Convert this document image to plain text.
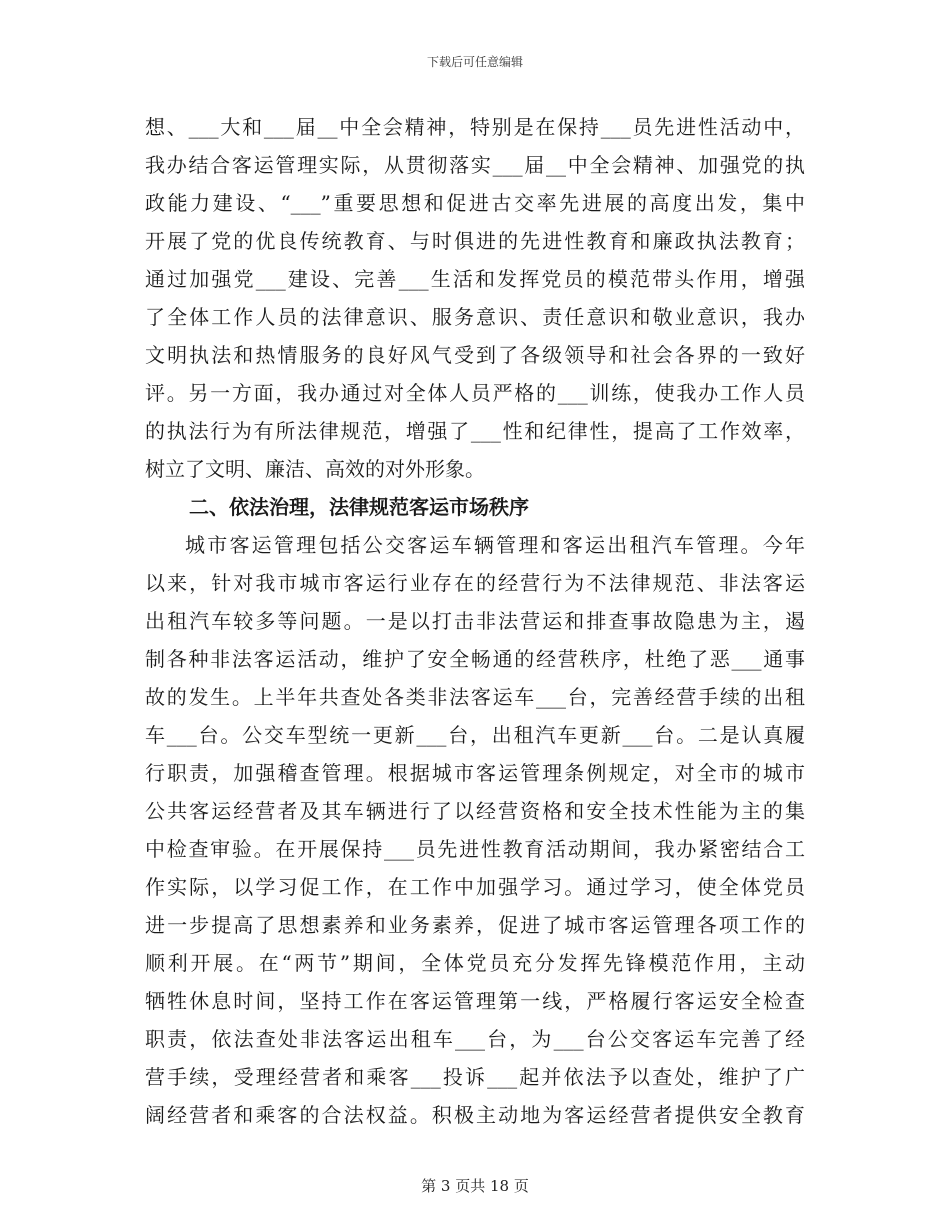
下载后可任意编辑
想、___大和___届__中全会精神，特别是在保持___员先进性活动中，
我办结合客运管理实际，从贯彻落实___届__中全会精神、加强党的执
政能力建设、“___”重要思想和促进古交率先进展的高度出发，集中
开展了党的优良传统教育、与时俱进的先进性教育和廉政执法教育；
通过加强党___建设、完善___生活和发挥党员的模范带头作用，增强
了全体工作人员的法律意识、服务意识、责任意识和敬业意识，我办
文明执法和热情服务的良好风气受到了各级领导和社会各界的一致好
评。另一方面，我办通过对全体人员严格的___训练，使我办工作人员
的执法行为有所法律规范，增强了___性和纪律性，提高了工作效率，
树立了文明、廉洁、高效的对外形象。
二、依法治理，法律规范客运市场秩序
城市客运管理包括公交客运车辆管理和客运出租汽车管理。今年
以来，针对我市城市客运行业存在的经营行为不法律规范、非法客运
出租汽车较多等问题。一是以打击非法营运和排查事故隐患为主，遏
制各种非法客运活动，维护了安全畅通的经营秩序，杜绝了恶___通事
故的发生。上半年共查处各类非法客运车___台，完善经营手续的出租
车___台。公交车型统一更新___台，出租汽车更新___台。二是认真履
行职责，加强稽查管理。根据城市客运管理条例规定，对全市的城市
公共客运经营者及其车辆进行了以经营资格和安全技术性能为主的集
中检查审验。在开展保持___员先进性教育活动期间，我办紧密结合工
作实际，以学习促工作，在工作中加强学习。通过学习，使全体党员
进一步提高了思想素养和业务素养，促进了城市客运管理各项工作的
顺利开展。在“两节”期间，全体党员充分发挥先锋模范作用，主动
牺牲休息时间，坚持工作在客运管理第一线，严格履行客运安全检查
职责，依法查处非法客运出租车___台，为___台公交客运车完善了经
营手续，受理经营者和乘客___投诉___起并依法予以查处，维护了广
阔经营者和乘客的合法权益。积极主动地为客运经营者提供安全教育
第 3 页共 18 页
